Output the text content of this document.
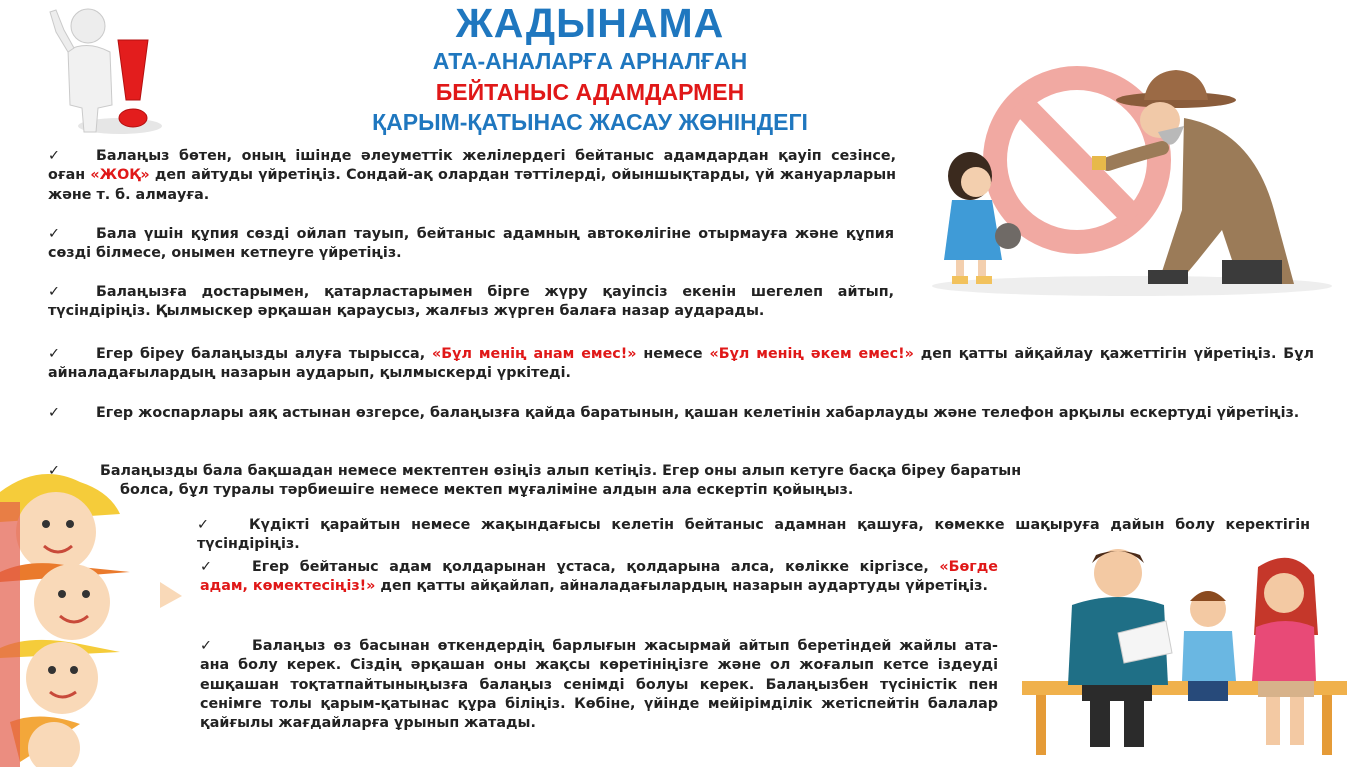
ЖАДЫНАМА
АТА-АНАЛАРҒА АРНАЛҒАН
БЕЙТАНЫС АДАМДАРМЕН
ҚАРЫМ-ҚАТЫНАС ЖАСАУ ЖӨНІНДЕГІ

✓	Балаңыз бөтен, оның ішінде әлеуметтік желілердегі бейтаныс адамдардан қауіп сезінсе, оған «ЖОҚ» деп айтуды үйретіңіз. Сондай-ақ олардан тәттілерді, ойыншықтарды, үй жануарларын және т. б. алмауға.

✓	Бала үшін құпия сөзді ойлап тауып, бейтаныс адамның автокөлігіне отырмауға және құпия сөзді білмесе, онымен кетпеуге үйретіңіз.

✓	Балаңызға достарымен, қатарластарымен бірге жүру қауіпсіз екенін шегелеп айтып, түсіндіріңіз. Қылмыскер әрқашан қараусыз, жалғыз жүрген балаға назар аударады.

✓	Егер біреу балаңызды алуға тырысса, «Бұл менің анам емес!» немесе «Бұл менің әкем емес!» деп қатты айқайлау қажеттігін үйретіңіз. Бұл айналадағылардың назарын аударып, қылмыскерді үркітеді.

✓	Егер жоспарлары аяқ астынан өзгерсе, балаңызға қайда баратынын, қашан келетінін хабарлауды және телефон арқылы ескертуді үйретіңіз.

✓	Балаңызды бала бақшадан немесе мектептен өзіңіз алып кетіңіз. Егер оны алып кетуге басқа біреу баратын
болса, бұл туралы тәрбиешіге немесе мектеп мұғаліміне алдын ала ескертіп қойыңыз.

✓	Күдікті қарайтын немесе жақындағысы келетін бейтаныс адамнан қашуға, көмекке шақыруға дайын болу керектігін түсіндіріңіз.

✓	Егер бейтаныс адам қолдарынан ұстаса, қолдарына алса, көлікке кіргізсе, «Бөгде адам, көмектесіңіз!» деп қатты айқайлап, айналадағылардың назарын аудартуды үйретіңіз.

✓	Балаңыз өз басынан өткендердің барлығын жасырмай айтып беретіндей жайлы ата-ана болу керек. Сіздің әрқашан оны жақсы көретініңізге және ол жоғалып кетсе іздеуді ешқашан тоқтатпайтыныңызға балаңыз сенімді болуы керек. Балаңызбен түсіністік пен сенімге толы қарым-қатынас құра біліңіз. Көбіне, үйінде мейірімділік жетіспейтін балалар қайғылы жағдайларға ұрынып жатады.
